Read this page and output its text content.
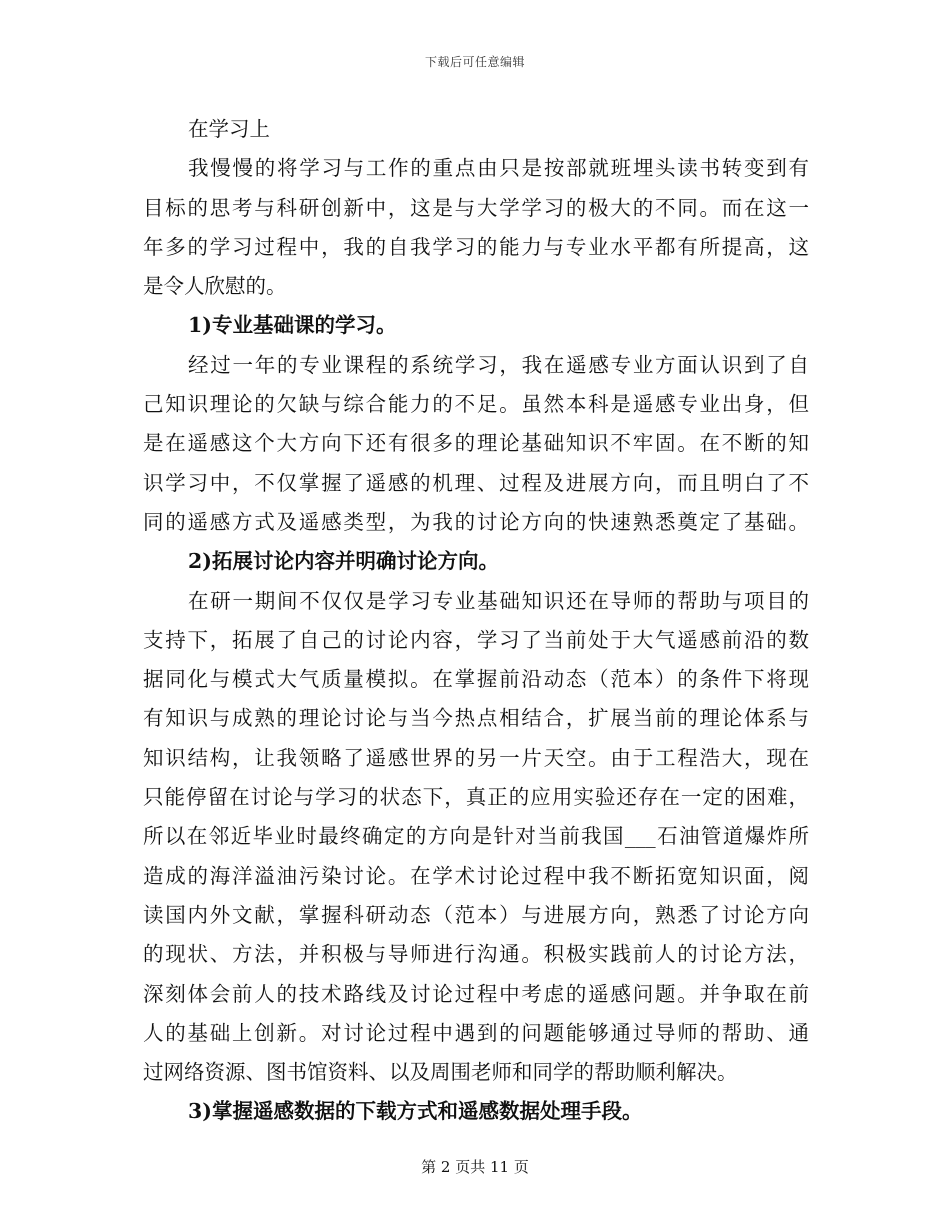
下载后可任意编辑
在学习上
我慢慢的将学习与工作的重点由只是按部就班埋头读书转变到有
目标的思考与科研创新中，这是与大学学习的极大的不同。而在这一
年多的学习过程中，我的自我学习的能力与专业水平都有所提高，这
是令人欣慰的。
1)专业基础课的学习。
经过一年的专业课程的系统学习，我在遥感专业方面认识到了自
己知识理论的欠缺与综合能力的不足。虽然本科是遥感专业出身，但
是在遥感这个大方向下还有很多的理论基础知识不牢固。在不断的知
识学习中，不仅掌握了遥感的机理、过程及进展方向，而且明白了不
同的遥感方式及遥感类型，为我的讨论方向的快速熟悉奠定了基础。
2)拓展讨论内容并明确讨论方向。
在研一期间不仅仅是学习专业基础知识还在导师的帮助与项目的
支持下，拓展了自己的讨论内容，学习了当前处于大气遥感前沿的数
据同化与模式大气质量模拟。在掌握前沿动态（范本）的条件下将现
有知识与成熟的理论讨论与当今热点相结合，扩展当前的理论体系与
知识结构，让我领略了遥感世界的另一片天空。由于工程浩大，现在
只能停留在讨论与学习的状态下，真正的应用实验还存在一定的困难，
所以在邻近毕业时最终确定的方向是针对当前我国___石油管道爆炸所
造成的海洋溢油污染讨论。在学术讨论过程中我不断拓宽知识面，阅
读国内外文献，掌握科研动态（范本）与进展方向，熟悉了讨论方向
的现状、方法，并积极与导师进行沟通。积极实践前人的讨论方法，
深刻体会前人的技术路线及讨论过程中考虑的遥感问题。并争取在前
人的基础上创新。对讨论过程中遇到的问题能够通过导师的帮助、通
过网络资源、图书馆资料、以及周围老师和同学的帮助顺利解决。
3)掌握遥感数据的下载方式和遥感数据处理手段。
第 2 页共 11 页
